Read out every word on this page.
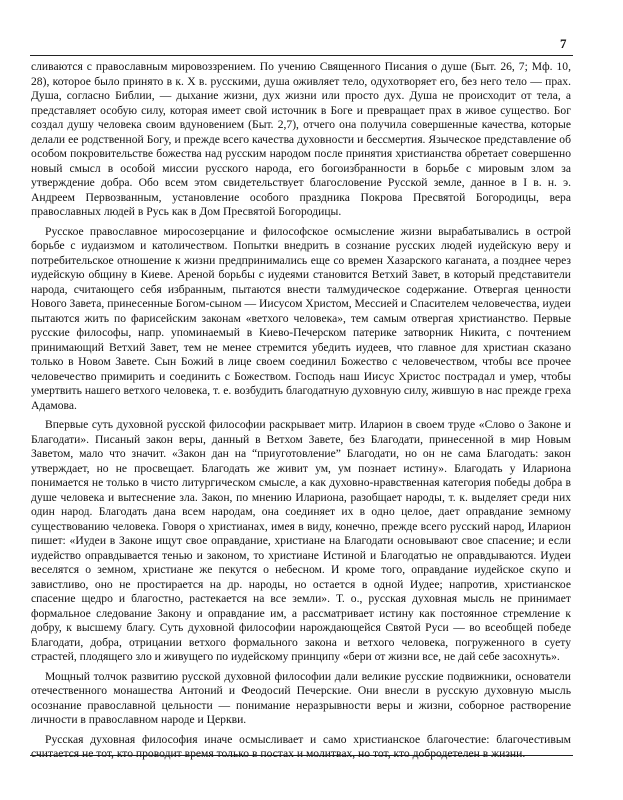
7

сливаются с православным мировоззрением. По учению Священного Писания о душе (Быт. 26, 7; Мф. 10, 28), которое было принято в к. X в. русскими, душа оживляет тело, одухотворяет его, без него тело — прах. Душа, согласно Библии, — дыхание жизни, дух жизни или просто дух. Душа не происходит от тела, а представляет особую силу, которая имеет свой источник в Боге и превращает прах в живое существо. Бог создал душу человека своим вдуновением (Быт. 2,7), отчего она получила совершенные качества, которые делали ее родственной Богу, и прежде всего качества духовности и бессмертия. Языческое представление об особом покровительстве божества над русским народом после принятия христианства обретает совершенно новый смысл в особой миссии русского народа, его богоизбранности в борьбе с мировым злом за утверждение добра. Обо всем этом свидетельствует благословение Русской земле, данное в I в. н. э. Андреем Первозванным, установление особого праздника Покрова Пресвятой Богородицы, вера православных людей в Русь как в Дом Пресвятой Богородицы.

Русское православное миросозерцание и философское осмысление жизни вырабатывались в острой борьбе с иудаизмом и католичеством. Попытки внедрить в сознание русских людей иудейскую веру и потребительское отношение к жизни предпринимались еще со времен Хазарского каганата, а позднее через иудейскую общину в Киеве. Ареной борьбы с иудеями становится Ветхий Завет, в который представители народа, считающего себя избранным, пытаются внести талмудическое содержание. Отвергая ценности Нового Завета, принесенные Богом-сыном — Иисусом Христом, Мессией и Спасителем человечества, иудеи пытаются жить по фарисейским законам «ветхого человека», тем самым отвергая христианство. Первые русские философы, напр. упоминаемый в Киево-Печерском патерике затворник Никита, с почтением принимающий Ветхий Завет, тем не менее стремится убедить иудеев, что главное для христиан сказано только в Новом Завете. Сын Божий в лице своем соединил Божество с человечеством, чтобы все прочее человечество примирить и соединить с Божеством. Господь наш Иисус Христос пострадал и умер, чтобы умертвить нашего ветхого человека, т. е. возбудить благодатную духовную силу, жившую в нас прежде греха Адамова.

Впервые суть духовной русской философии раскрывает митр. Иларион в своем труде «Слово о Законе и Благодати». Писаный закон веры, данный в Ветхом Завете, без Благодати, принесенной в мир Новым Заветом, мало что значит. «Закон дан на “приуготовление” Благодати, но он не сама Благодать: закон утверждает, но не просвещает. Благодать же живит ум, ум познает истину». Благодать у Илариона понимается не только в чисто литургическом смысле, а как духовно-нравственная категория победы добра в душе человека и вытеснение зла. Закон, по мнению Илариона, разобщает народы, т. к. выделяет среди них один народ. Благодать дана всем народам, она соединяет их в одно целое, дает оправдание земному существованию человека. Говоря о христианах, имея в виду, конечно, прежде всего русский народ, Иларион пишет: «Иудеи в Законе ищут свое оправдание, христиане на Благодати основывают свое спасение; и если иудейство оправдывается тенью и законом, то христиане Истиной и Благодатью не оправдываются. Иудеи веселятся о земном, христиане же пекутся о небесном. И кроме того, оправдание иудейское скупо и завистливо, оно не простирается на др. народы, но остается в одной Иудее; напротив, христианское спасение щедро и благостно, растекается на все земли». Т. о., русская духовная мысль не принимает формальное следование Закону и оправдание им, а рассматривает истину как постоянное стремление к добру, к высшему благу. Суть духовной философии нарождающейся Святой Руси — во всеобщей победе Благодати, добра, отрицании ветхого формального закона и ветхого человека, погруженного в суету страстей, плодящего зло и живущего по иудейскому принципу «бери от жизни все, не дай себе засохнуть».

Мощный толчок развитию русской духовной философии дали великие русские подвижники, основатели отечественного монашества Антоний и Феодосий Печерские. Они внесли в русскую духовную мысль осознание православной цельности — понимание неразрывности веры и жизни, соборное растворение личности в православном народе и Церкви.

Русская духовная философия иначе осмысливает и само христианское благочестие: благочестивым считается не тот, кто проводит время только в постах и молитвах, но тот, кто добродетелен в жизни.
